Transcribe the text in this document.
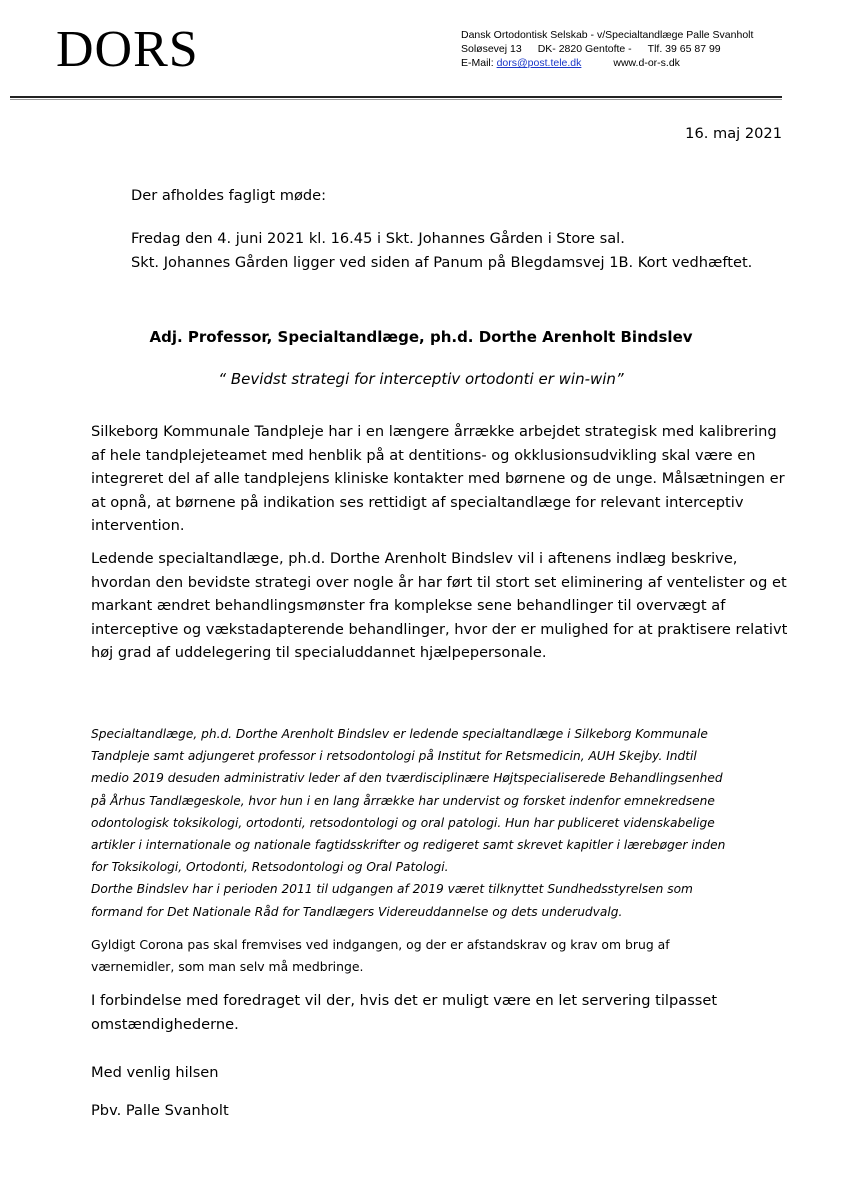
DORS	Dansk Ortodontisk Selskab - v/Specialtandlæge Palle Svanholt
Soløsevej 13 DK- 2820 Gentofte - Tlf. 39 65 87 99
E-Mail: dors@post.tele.dk	www.d-or-s.dk
16. maj 2021
Der afholdes fagligt møde:
Fredag den 4. juni 2021 kl. 16.45 i Skt. Johannes Gården i Store sal.
Skt. Johannes Gården ligger ved siden af Panum på Blegdamsvej 1B. Kort vedhæftet.
Adj. Professor, Specialtandlæge, ph.d. Dorthe Arenholt Bindslev
“ Bevidst strategi for interceptiv ortodonti er win-win”
Silkeborg Kommunale Tandpleje har i en længere årrække arbejdet strategisk med kalibrering
af hele tandplejeteamet med henblik på at dentitions- og okklusionsudvikling skal være en
integreret del af alle tandplejens kliniske kontakter med børnene og de unge. Målsætningen er
at opnå, at børnene på indikation ses rettidigt af specialtandlæge for relevant interceptiv
intervention.
Ledende specialtandlæge, ph.d. Dorthe Arenholt Bindslev vil i aftenens indlæg beskrive,
hvordan den bevidste strategi over nogle år har ført til stort set eliminering af ventelister og et
markant ændret behandlingsmønster fra komplekse sene behandlinger til overvægt af
interceptive og vækstadapterende behandlinger, hvor der er mulighed for at praktisere relativt
høj grad af uddelegering til specialuddannet hjælpepersonale.
Specialtandlæge, ph.d. Dorthe Arenholt Bindslev er ledende specialtandlæge i Silkeborg Kommunale
Tandpleje samt adjungeret professor i retsodontologi på Institut for Retsmedicin, AUH Skejby. Indtil
medio 2019 desuden administrativ leder af den tværdisciplinære Højtspecialiserede Behandlingsenhed
på Århus Tandlægeskole, hvor hun i en lang årrække har undervist og forsket indenfor emnekredsene
odontologisk toksikologi, ortodonti, retsodontologi og oral patologi. Hun har publiceret videnskabelige
artikler i internationale og nationale fagtidsskrifter og redigeret samt skrevet kapitler i lærebøger inden
for Toksikologi, Ortodonti, Retsodontologi og Oral Patologi.
Dorthe Bindslev har i perioden 2011 til udgangen af 2019 været tilknyttet Sundhedsstyrelsen som
formand for Det Nationale Råd for Tandlægers Videreuddannelse og dets underudvalg.
Gyldigt Corona pas skal fremvises ved indgangen, og der er afstandskrav og krav om brug af
værnemidler, som man selv må medbringe.
I forbindelse med foredraget vil der, hvis det er muligt være en let servering tilpasset
omstændighederne.
Med venlig hilsen
Pbv. Palle Svanholt
